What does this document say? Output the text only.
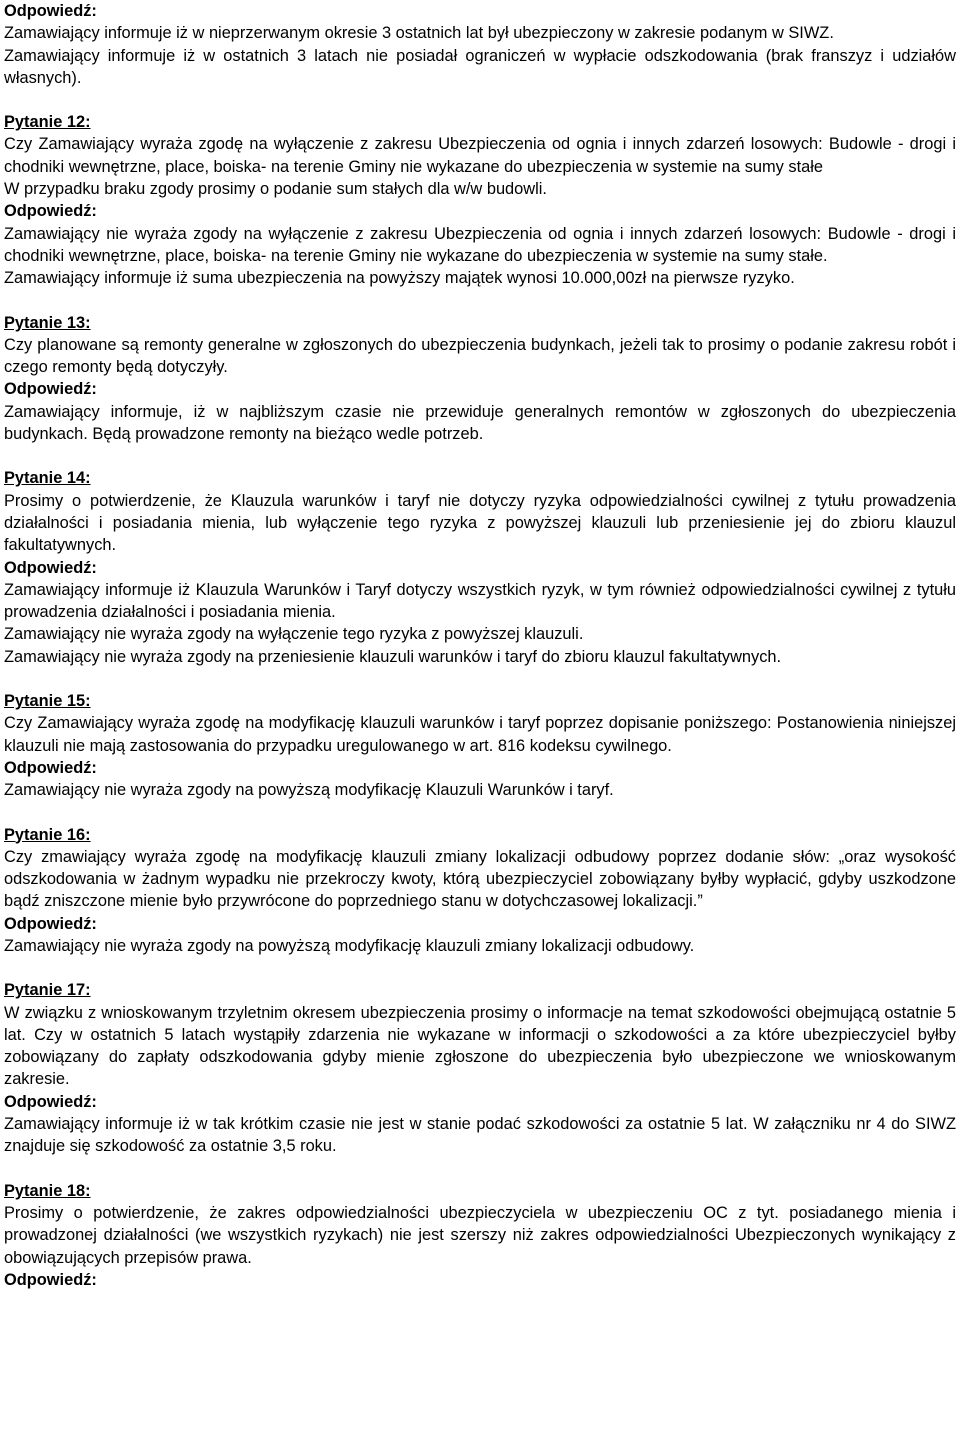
Odpowiedź:

Zamawiający informuje iż w nieprzerwanym okresie 3 ostatnich lat był ubezpieczony w zakresie podanym w SIWZ.

Zamawiający informuje iż w ostatnich 3 latach nie posiadał ograniczeń w wypłacie odszkodowania (brak franszyz i udziałów własnych).

Pytanie 12:

Czy Zamawiający wyraża zgodę na wyłączenie z zakresu Ubezpieczenia od ognia i innych zdarzeń losowych: Budowle - drogi i chodniki wewnętrzne, place, boiska- na terenie Gminy nie wykazane do ubezpieczenia w systemie na sumy stałe

W przypadku braku zgody prosimy o podanie sum stałych dla w/w budowli.

Odpowiedź:

Zamawiający nie wyraża zgody na wyłączenie z zakresu Ubezpieczenia od ognia i innych zdarzeń losowych: Budowle - drogi i chodniki wewnętrzne, place, boiska- na terenie Gminy nie wykazane do ubezpieczenia w systemie na sumy stałe.

Zamawiający informuje iż suma ubezpieczenia na powyższy majątek wynosi 10.000,00zł na pierwsze ryzyko.

Pytanie 13:

Czy planowane są remonty generalne w zgłoszonych do ubezpieczenia budynkach, jeżeli tak to prosimy o podanie zakresu robót i czego remonty będą dotyczyły.

Odpowiedź:

Zamawiający informuje, iż w najbliższym czasie nie przewiduje generalnych remontów w zgłoszonych do ubezpieczenia budynkach. Będą prowadzone remonty na bieżąco wedle potrzeb.

Pytanie 14:

Prosimy o potwierdzenie, że Klauzula warunków i taryf nie dotyczy ryzyka odpowiedzialności cywilnej z tytułu prowadzenia działalności i posiadania mienia, lub wyłączenie tego ryzyka z powyższej klauzuli lub przeniesienie jej do zbioru klauzul fakultatywnych.

Odpowiedź:

Zamawiający informuje iż Klauzula Warunków i Taryf dotyczy wszystkich ryzyk, w tym również odpowiedzialności cywilnej z tytułu prowadzenia działalności i posiadania mienia.

Zamawiający nie wyraża zgody na wyłączenie tego ryzyka z powyższej klauzuli.

Zamawiający nie wyraża zgody na przeniesienie klauzuli warunków i taryf do zbioru klauzul fakultatywnych.

Pytanie 15:

Czy Zamawiający wyraża zgodę na modyfikację klauzuli warunków i taryf poprzez dopisanie poniższego: Postanowienia niniejszej klauzuli nie mają zastosowania do przypadku uregulowanego w art. 816 kodeksu cywilnego.

Odpowiedź:

Zamawiający nie wyraża zgody na powyższą modyfikację Klauzuli Warunków i taryf.

Pytanie 16:

Czy zmawiający wyraża zgodę na modyfikację klauzuli zmiany lokalizacji odbudowy poprzez dodanie słów: „oraz wysokość odszkodowania w żadnym wypadku nie przekroczy kwoty, którą ubezpieczyciel zobowiązany byłby wypłacić, gdyby uszkodzone bądź zniszczone mienie było przywrócone do poprzedniego stanu w dotychczasowej lokalizacji.”

Odpowiedź:

Zamawiający nie wyraża zgody na powyższą modyfikację klauzuli zmiany lokalizacji odbudowy.

Pytanie 17:

W związku z wnioskowanym trzyletnim okresem ubezpieczenia prosimy o informacje na temat szkodowości obejmującą ostatnie 5 lat. Czy w ostatnich 5 latach wystąpiły zdarzenia nie wykazane w informacji o szkodowości a za które ubezpieczyciel byłby zobowiązany do zapłaty odszkodowania gdyby mienie zgłoszone do ubezpieczenia było ubezpieczone we wnioskowanym zakresie.

Odpowiedź:

Zamawiający informuje iż w tak krótkim czasie nie jest w stanie podać szkodowości za ostatnie 5 lat. W załączniku nr 4 do SIWZ znajduje się szkodowość za ostatnie 3,5 roku.

Pytanie 18:

Prosimy o potwierdzenie, że zakres odpowiedzialności ubezpieczyciela w ubezpieczeniu OC z tyt. posiadanego mienia i prowadzonej działalności (we wszystkich ryzykach) nie jest szerszy niż zakres odpowiedzialności Ubezpieczonych wynikający z obowiązujących przepisów prawa.

Odpowiedź:
